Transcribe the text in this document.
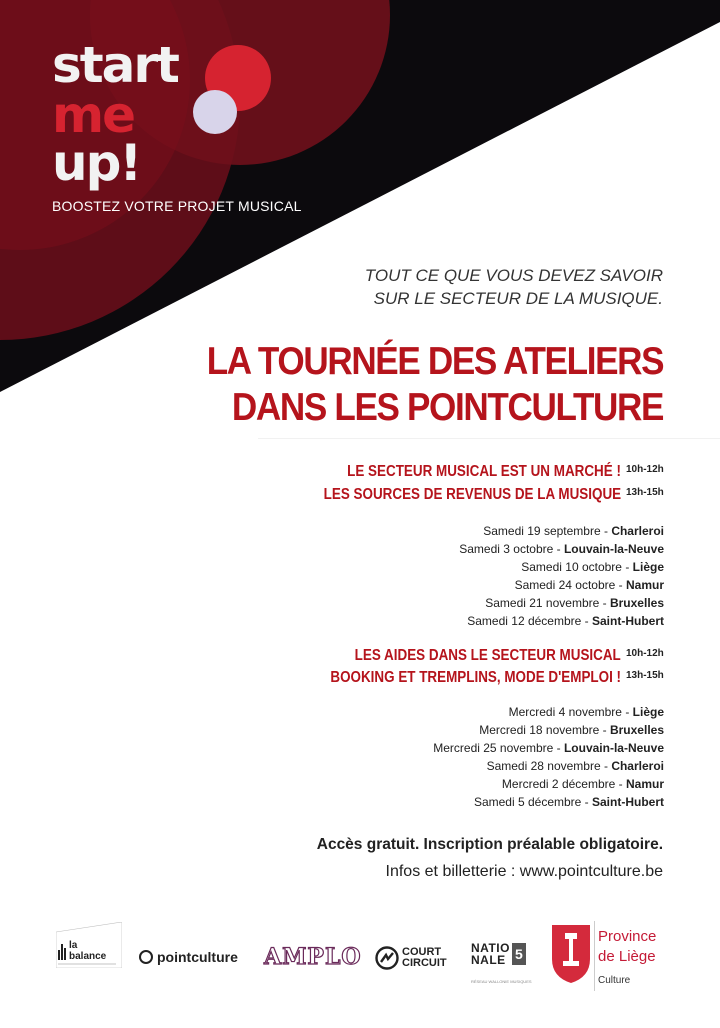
start
me
up!
BOOSTEZ VOTRE PROJET MUSICAL
TOUT CE QUE VOUS DEVEZ SAVOIR
SUR LE SECTEUR DE LA MUSIQUE.
LA TOURNÉE DES ATELIERS
DANS LES POINTCULTURE
LE SECTEUR MUSICAL EST UN MARCHÉ ! 10h-12h
LES SOURCES DE REVENUS DE LA MUSIQUE 13h-15h
Samedi 19 septembre - Charleroi
Samedi 3 octobre - Louvain-la-Neuve
Samedi 10 octobre - Liège
Samedi 24 octobre - Namur
Samedi 21 novembre - Bruxelles
Samedi 12 décembre - Saint-Hubert
LES AIDES DANS LE SECTEUR MUSICAL 10h-12h
BOOKING ET TREMPLINS, MODE D'EMPLOI ! 13h-15h
Mercredi 4 novembre - Liège
Mercredi 18 novembre - Bruxelles
Mercredi 25 novembre - Louvain-la-Neuve
Samedi 28 novembre - Charleroi
Mercredi 2 décembre - Namur
Samedi 5 décembre - Saint-Hubert
Accès gratuit. Inscription préalable obligatoire.
Infos et billetterie : www.pointculture.be
la
balance	pointculture AMPLO	COURT
CIRCUIT
NATIO
NALE 5
RÉSEAU WALLONIE MUSIQUES
Province
de Liège
Culture
